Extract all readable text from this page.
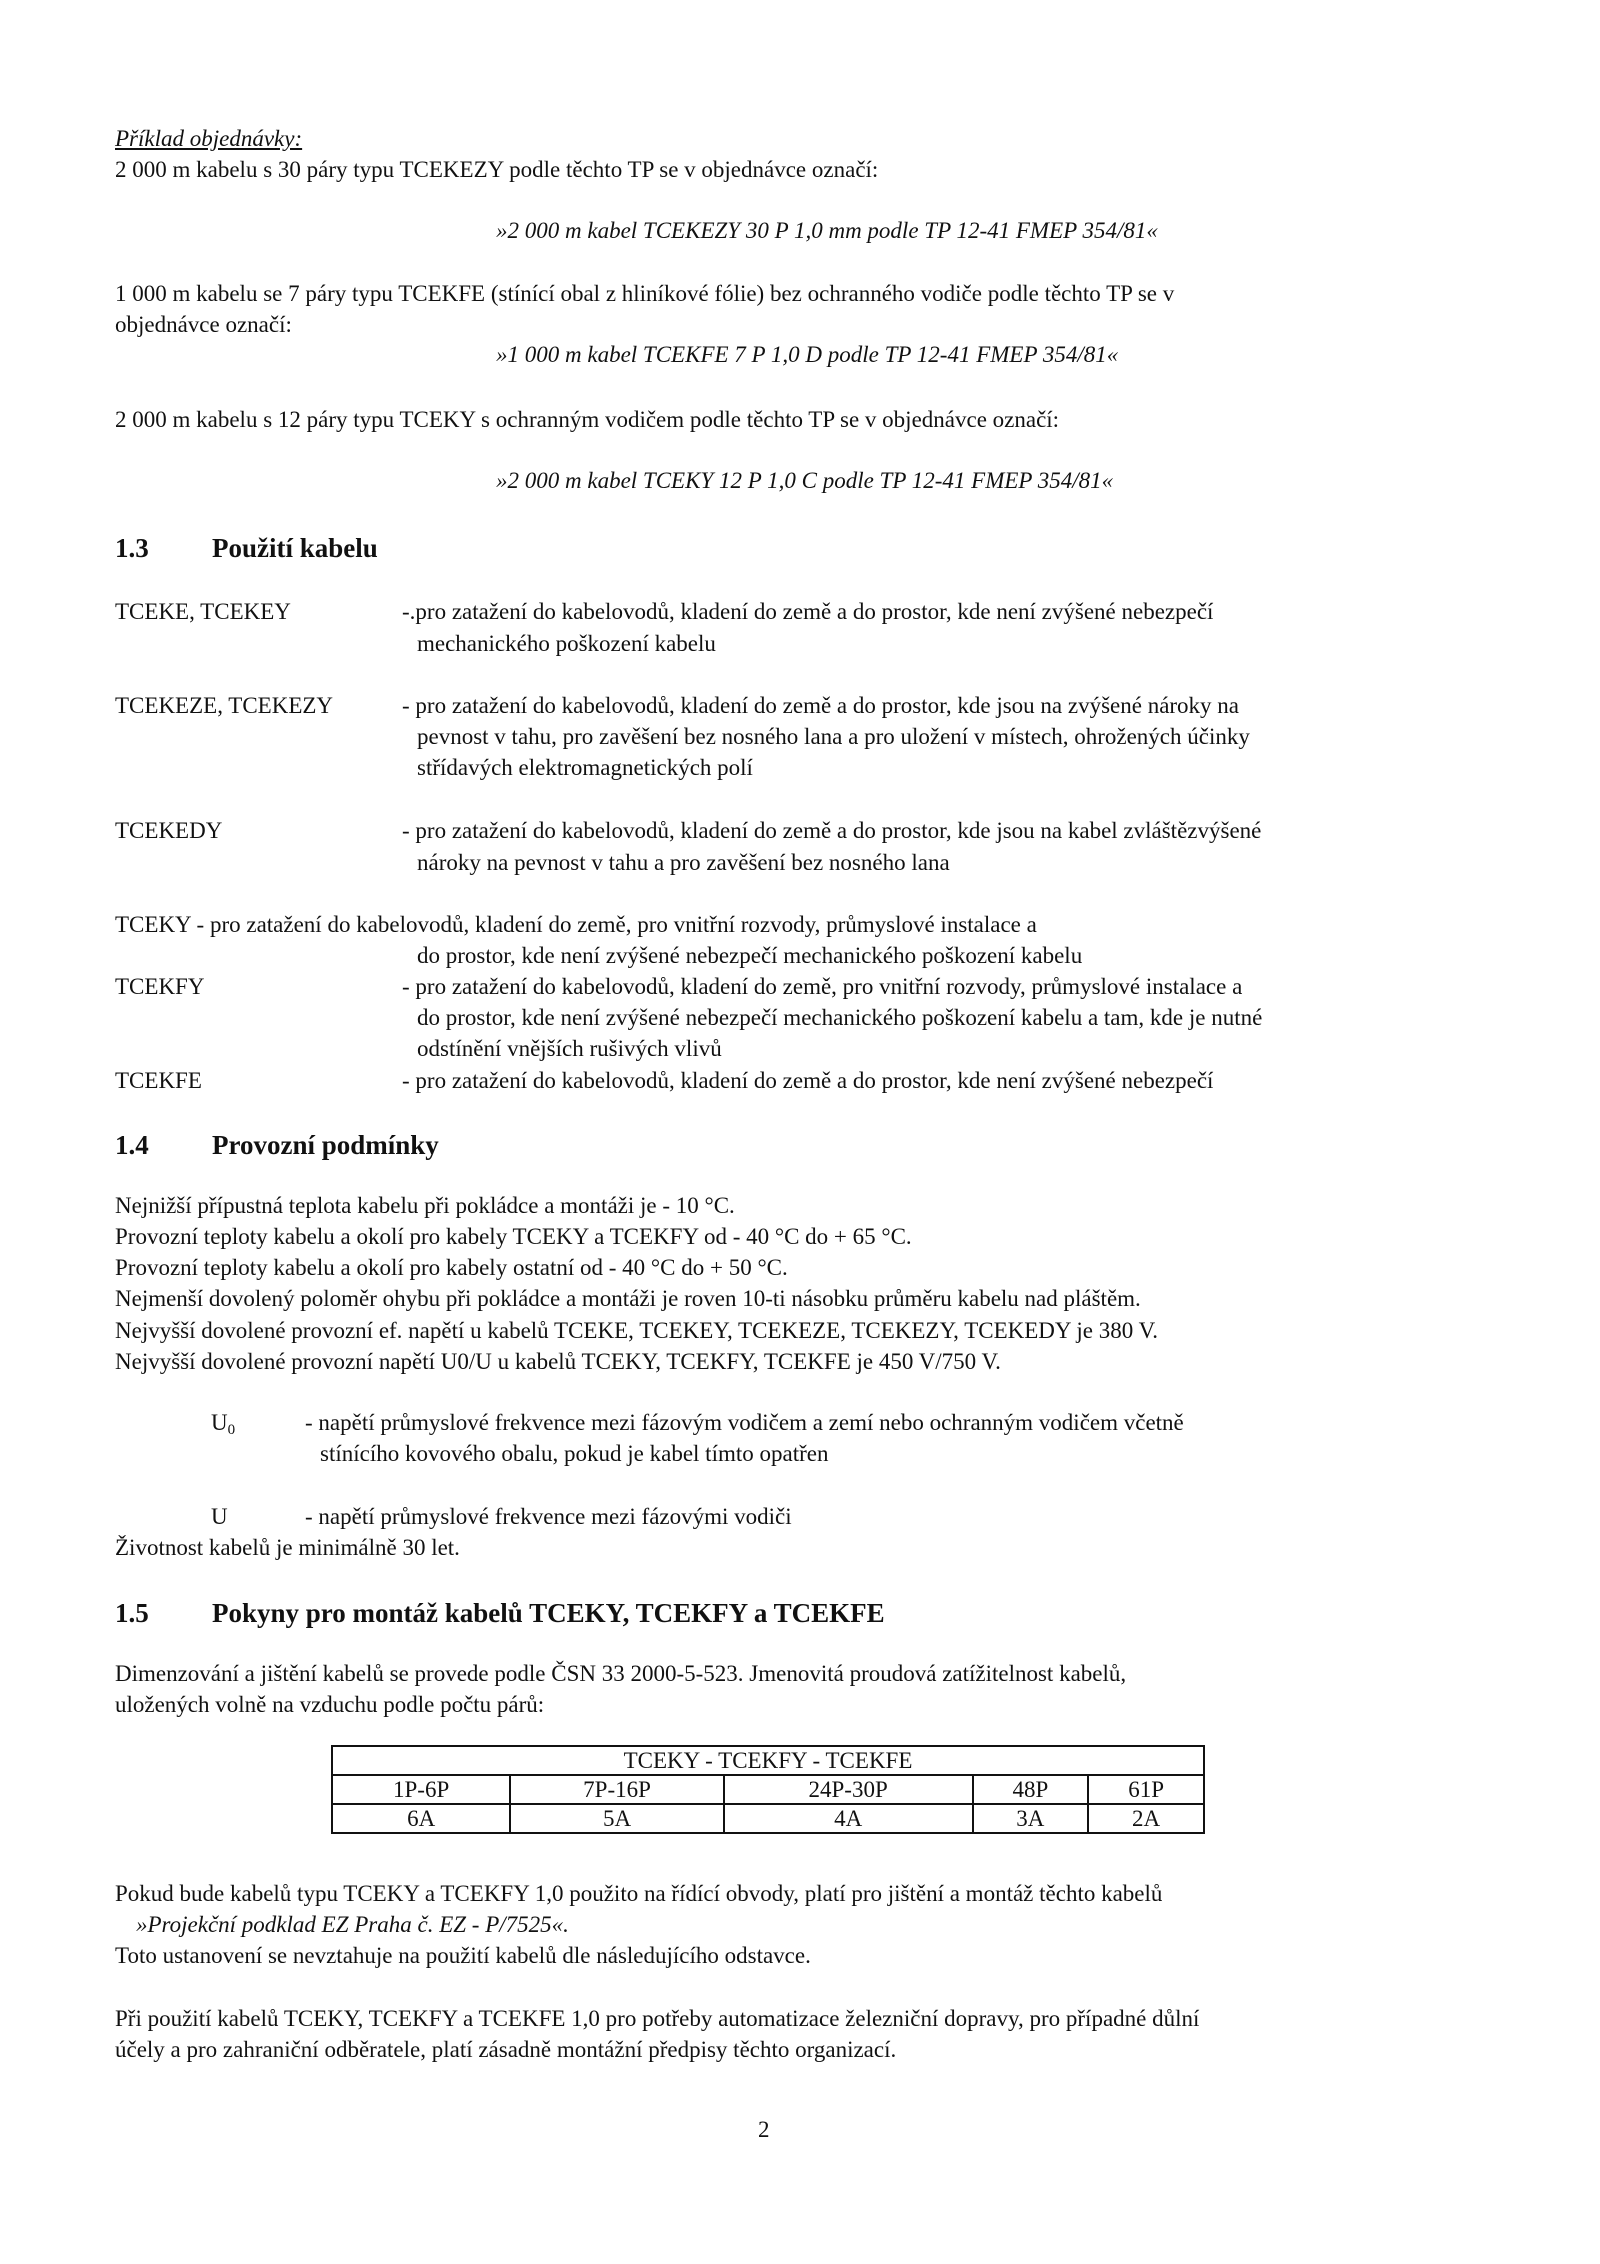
Příklad objednávky:
2 000 m kabelu s 30 páry typu TCEKEZY podle těchto TP se v objednávce označí:
»2 000 m kabel TCEKEZY 30 P 1,0 mm podle TP 12-41 FMEP 354/81«
1 000 m kabelu se 7 páry typu TCEKFE (stínící obal z hliníkové fólie) bez ochranného vodiče podle těchto TP se v
objednávce označí:
»1 000 m kabel TCEKFE 7 P 1,0 D podle TP 12-41 FMEP 354/81«
2 000 m kabelu s 12 páry typu TCEKY s ochranným vodičem podle těchto TP se v objednávce označí:
»2 000 m kabel TCEKY 12 P 1,0 C podle TP 12-41 FMEP 354/81«
1.3 Použití kabelu
TCEKE, TCEKEY	-.pro zatažení do kabelovodů, kladení do země a do prostor, kde není zvýšené nebezpečí
mechanického poškození kabelu
TCEKEZE, TCEKEZY	- pro zatažení do kabelovodů, kladení do země a do prostor, kde jsou na zvýšené nároky na
pevnost v tahu, pro zavěšení bez nosného lana a pro uložení v místech, ohrožených účinky
střídavých elektromagnetických polí
TCEKEDY	- pro zatažení do kabelovodů, kladení do země a do prostor, kde jsou na kabel zvláštězvýšené
nároky na pevnost v tahu a pro zavěšení bez nosného lana
TCEKY - pro zatažení do kabelovodů, kladení do země, pro vnitřní rozvody, průmyslové instalace a
do prostor, kde není zvýšené nebezpečí mechanického poškození kabelu
TCEKFY	- pro zatažení do kabelovodů, kladení do země, pro vnitřní rozvody, průmyslové instalace a
do prostor, kde není zvýšené nebezpečí mechanického poškození kabelu a tam, kde je nutné
odstínění vnějších rušivých vlivů
TCEKFE	- pro zatažení do kabelovodů, kladení do země a do prostor, kde není zvýšené nebezpečí
1.4 Provozní podmínky
Nejnižší přípustná teplota kabelu při pokládce a montáži je - 10 °C.
Provozní teploty kabelu a okolí pro kabely TCEKY a TCEKFY od - 40 °C do + 65 °C.
Provozní teploty kabelu a okolí pro kabely ostatní od - 40 °C do + 50 °C.
Nejmenší dovolený poloměr ohybu při pokládce a montáži je roven 10-ti násobku průměru kabelu nad pláštěm.
Nejvyšší dovolené provozní ef. napětí u kabelů TCEKE, TCEKEY, TCEKEZE, TCEKEZY, TCEKEDY je 380 V.
Nejvyšší dovolené provozní napětí U0/U u kabelů TCEKY, TCEKFY, TCEKFE je 450 V/750 V.
U0	- napětí průmyslové frekvence mezi fázovým vodičem a zemí nebo ochranným vodičem včetně
stínícího kovového obalu, pokud je kabel tímto opatřen
U	- napětí průmyslové frekvence mezi fázovými vodiči
Životnost kabelů je minimálně 30 let.
1.5 Pokyny pro montáž kabelů TCEKY, TCEKFY a TCEKFE
Dimenzování a jištění kabelů se provede podle ČSN 33 2000-5-523. Jmenovitá proudová zatížitelnost kabelů,
uložených volně na vzduchu podle počtu párů:
TCEKY - TCEKFY - TCEKFE				
1P-6P	7P-16P	24P-30P	48P	61P
6A	5A	4A	3A	2A
Pokud bude kabelů typu TCEKY a TCEKFY 1,0 použito na řídící obvody, platí pro jištění a montáž těchto kabelů
»Projekční podklad EZ Praha č. EZ - P/7525«.
Toto ustanovení se nevztahuje na použití kabelů dle následujícího odstavce.
Při použití kabelů TCEKY, TCEKFY a TCEKFE 1,0 pro potřeby automatizace železniční dopravy, pro případné důlní
účely a pro zahraniční odběratele, platí zásadně montážní předpisy těchto organizací.
2
